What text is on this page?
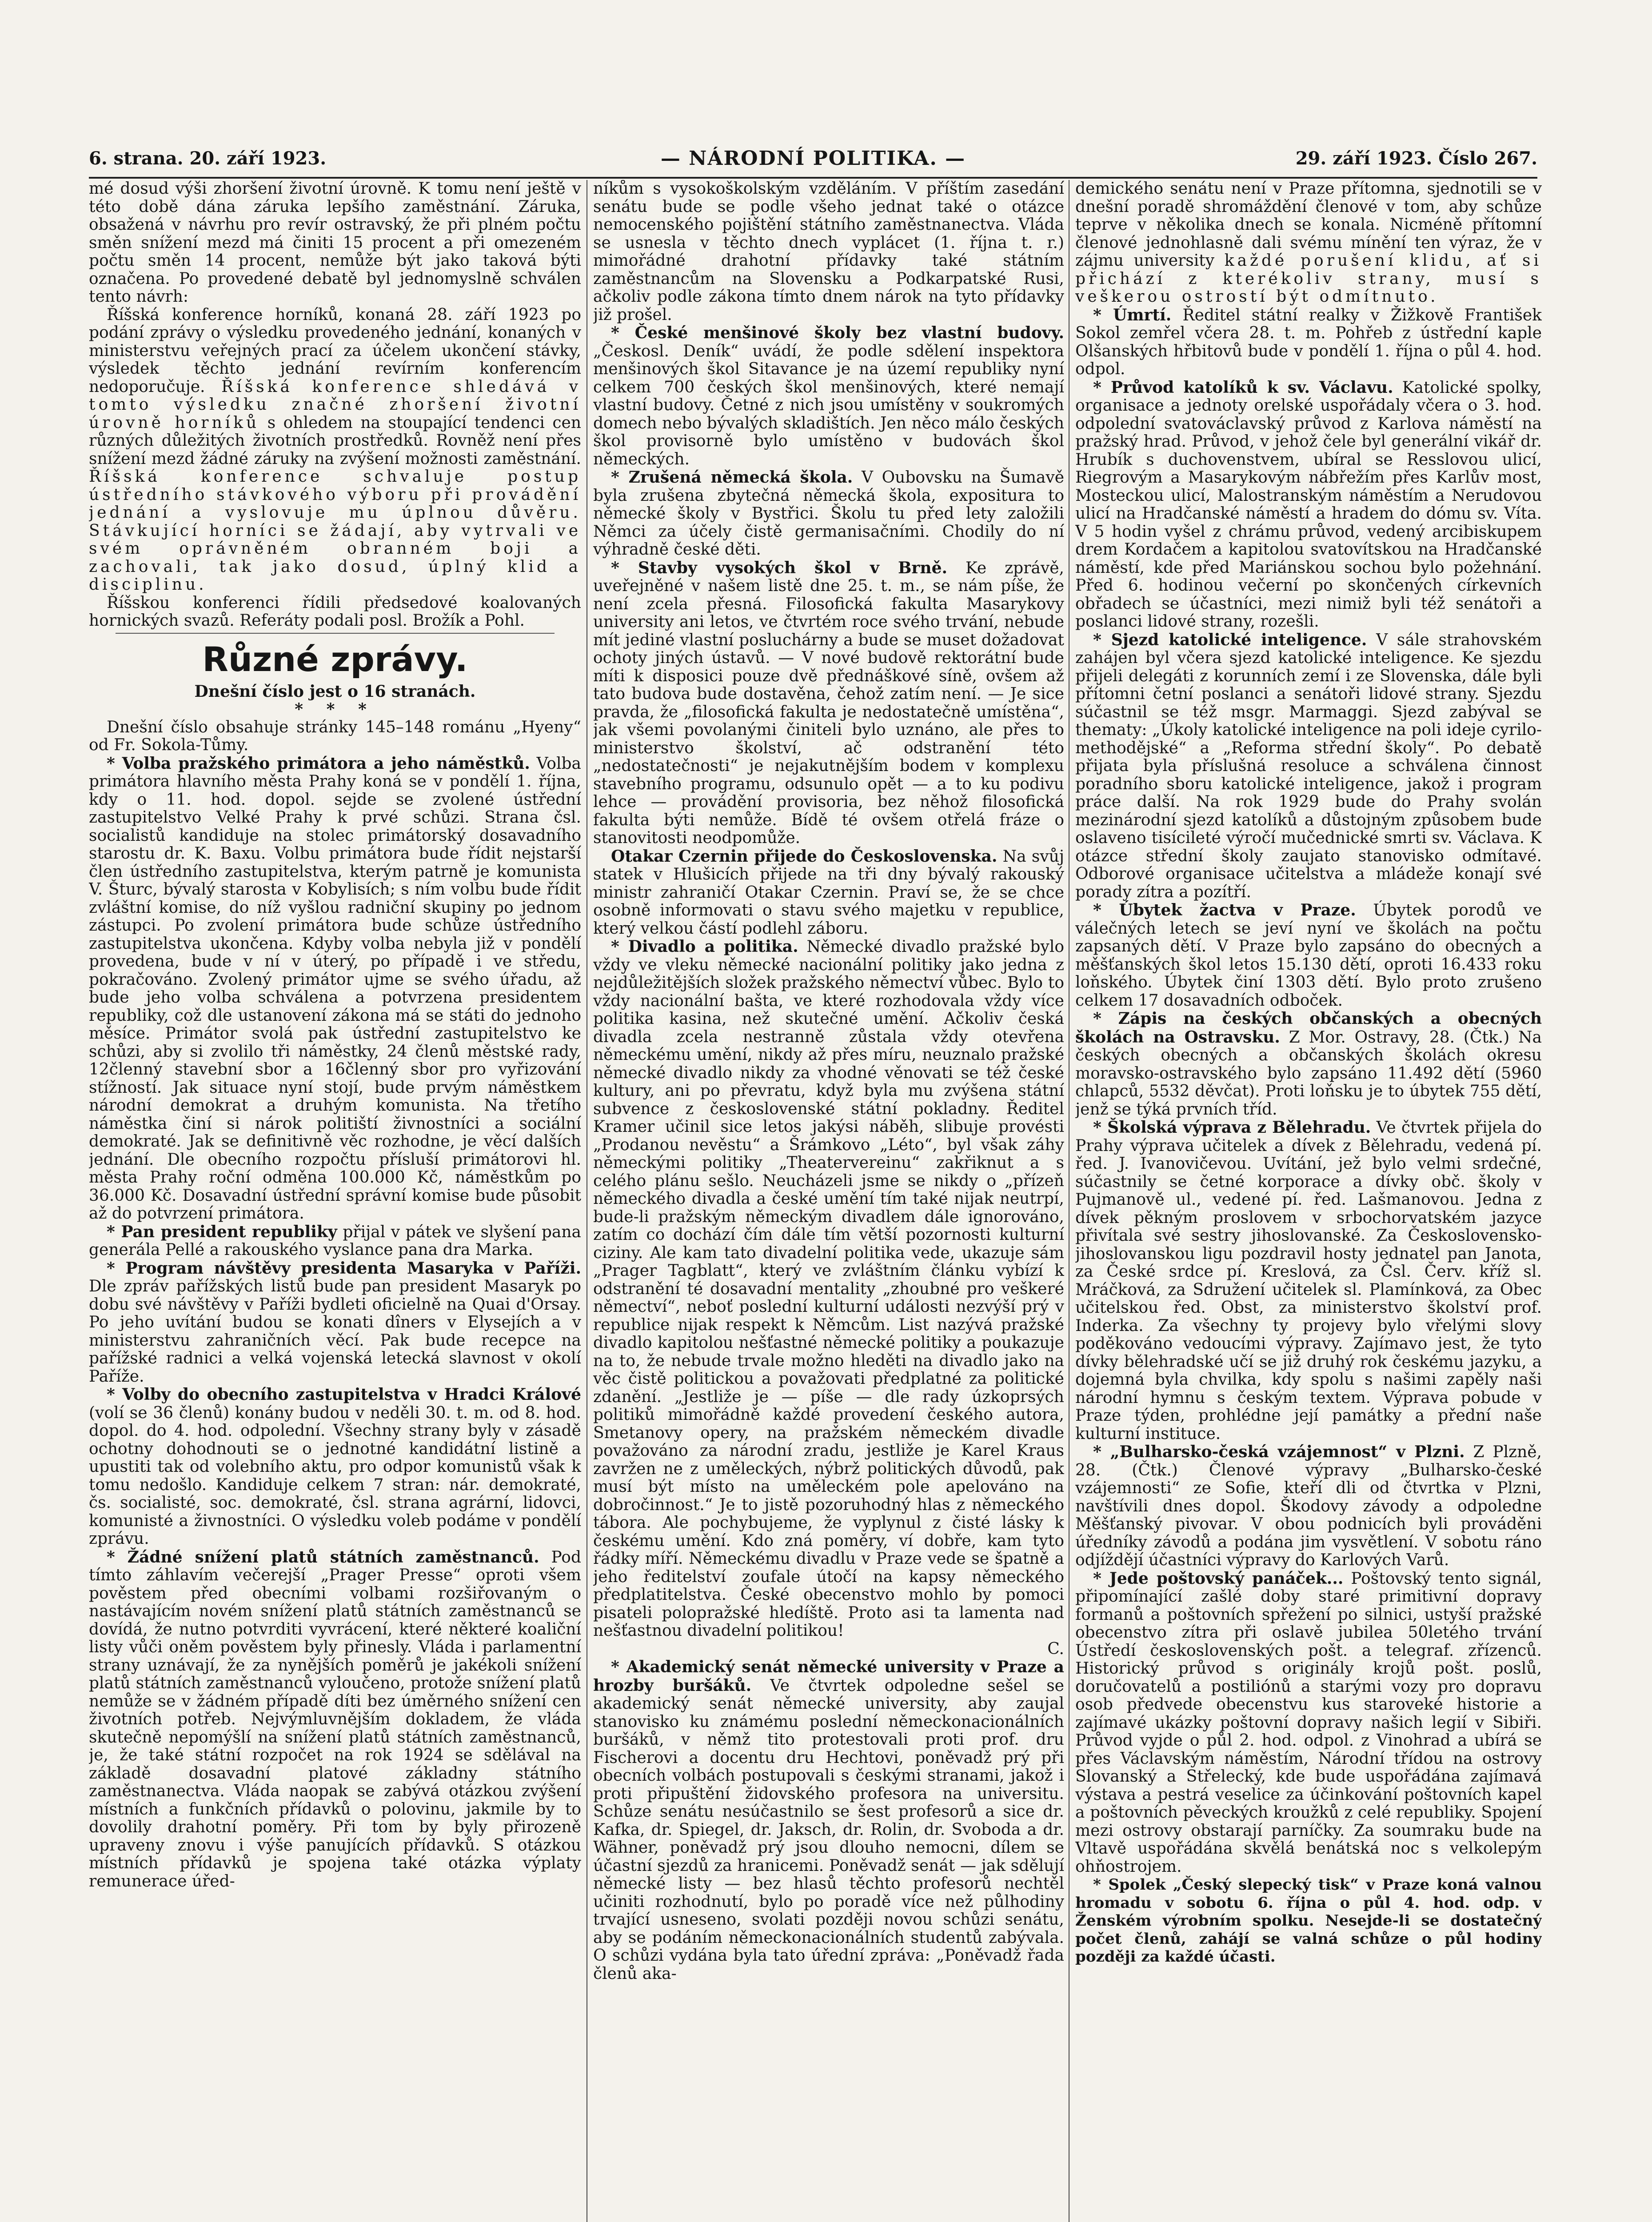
6. strana. 20. září 1923.	— NÁRODNÍ POLITIKA. —	29. září 1923. Číslo 267.

mé dosud výši zhoršení životní úrovně. K tomu není ještě v této době dána záruka lepšího zaměstnání. Záruka, obsažená v návrhu pro revír ostravský, že při plném počtu směn snížení mezd má činiti 15 procent a při omezeném počtu směn 14 procent, nemůže být jako taková býti označena. Po provedené debatě byl jednomyslně schválen tento návrh:

Říšská konference horníků, konaná 28. září 1923 po podání zprávy o výsledku provedeného jednání, konaných v ministerstvu veřejných prací za účelem ukončení stávky, výsledek těchto jednání revírním konferencím nedoporučuje. Říšská konference shledává v tomto výsledku značné zhoršení životní úrovně horníků s ohledem na stoupající tendenci cen různých důležitých životních prostředků. Rovněž není přes snížení mezd žádné záruky na zvýšení možnosti zaměstnání. Říšská konference schvaluje postup ústředního stávkového výboru při provádění jednání a vyslovuje mu úplnou důvěru. Stávkující horníci se žádají, aby vytrvali ve svém oprávněném obranném boji a zachovali, tak jako dosud, úplný klid a disciplinu.

Říšskou konferenci řídili předsedové koalovaných hornických svazů. Referáty podali posl. Brožík a Pohl.

Různé zprávy.

Dnešní číslo jest o 16 stranách.

* * *

Dnešní číslo obsahuje stránky 145–148 románu „Hyeny“ od Fr. Sokola-Tůmy.

* Volba pražského primátora a jeho náměstků. Volba primátora hlavního města Prahy koná se v pondělí 1. října, kdy o 11. hod. dopol. sejde se zvolené ústřední zastupitelstvo Velké Prahy k prvé schůzi. Strana čsl. socialistů kandiduje na stolec primátorský dosavadního starostu dr. K. Baxu. Volbu primátora bude řídit nejstarší člen ústředního zastupitelstva, kterým patrně je komunista V. Šturc, bývalý starosta v Kobylisích; s ním volbu bude řídit zvláštní komise, do níž vyšlou radniční skupiny po jednom zástupci. Po zvolení primátora bude schůze ústředního zastupitelstva ukončena. Kdyby volba nebyla již v pondělí provedena, bude v ní v úterý, po případě i ve středu, pokračováno. Zvolený primátor ujme se svého úřadu, až bude jeho volba schválena a potvrzena presidentem republiky, což dle ustanovení zákona má se státi do jednoho měsíce. Primátor svolá pak ústřední zastupitelstvo ke schůzi, aby si zvolilo tři náměstky, 24 členů městské rady, 12členný stavební sbor a 16členný sbor pro vyřizování stížností. Jak situace nyní stojí, bude prvým náměstkem národní demokrat a druhým komunista. Na třetího náměstka činí si nárok politiští živnostníci a sociální demokraté. Jak se definitivně věc rozhodne, je věcí dalších jednání. Dle obecního rozpočtu přísluší primátorovi hl. města Prahy roční odměna 100.000 Kč, náměstkům po 36.000 Kč. Dosavadní ústřední správní komise bude působit až do potvrzení primátora.

* Pan president republiky přijal v pátek ve slyšení pana generála Pellé a rakouského vyslance pana dra Marka.

* Program návštěvy presidenta Masaryka v Paříži. Dle zpráv pařížských listů bude pan president Masaryk po dobu své návštěvy v Paříži bydleti oficielně na Quai d'Orsay. Po jeho uvítání budou se konati dîners v Elysejích a v ministerstvu zahraničních věcí. Pak bude recepce na pařížské radnici a velká vojenská letecká slavnost v okolí Paříže.

* Volby do obecního zastupitelstva v Hradci Králové (volí se 36 členů) konány budou v neděli 30. t. m. od 8. hod. dopol. do 4. hod. odpolední. Všechny strany byly v zásadě ochotny dohodnouti se o jednotné kandidátní listině a upustiti tak od volebního aktu, pro odpor komunistů však k tomu nedošlo. Kandiduje celkem 7 stran: nár. demokraté, čs. socialisté, soc. demokraté, čsl. strana agrární, lidovci, komunisté a živnostníci. O výsledku voleb podáme v pondělí zprávu.

* Žádné snížení platů státních zaměstnanců. Pod tímto záhlavím večerejší „Prager Presse“ oproti všem pověstem před obecními volbami rozšiřovaným o nastávajícím novém snížení platů státních zaměstnanců se dovídá, že nutno potvrditi vyvrácení, které některé koaliční listy vůči oněm pověstem byly přinesly. Vláda i parlamentní strany uznávají, že za nynějších poměrů je jakékoli snížení platů státních zaměstnanců vyloučeno, protože snížení platů nemůže se v žádném případě díti bez úměrného snížení cen životních potřeb. Nejvýmluvnějším dokladem, že vláda skutečně nepomýšlí na snížení platů státních zaměstnanců, je, že také státní rozpočet na rok 1924 se sdělával na základě dosavadní platové základny státního zaměstnanectva. Vláda naopak se zabývá otázkou zvýšení místních a funkčních přídavků o polovinu, jakmile by to dovolily drahotní poměry. Při tom by byly přirozeně upraveny znovu i výše panujících přídavků. S otázkou místních přídavků je spojena také otázka výplaty remunerace úřed-

níkům s vysokoškolským vzděláním. V příštím zasedání senátu bude se podle všeho jednat také o otázce nemocenského pojištění státního zaměstnanectva. Vláda se usnesla v těchto dnech vyplácet (1. října t. r.) mimořádné drahotní přídavky také státním zaměstnancům na Slovensku a Podkarpatské Rusi, ačkoliv podle zákona tímto dnem nárok na tyto přídavky již prošel.

* České menšinové školy bez vlastní budovy. „Českosl. Deník“ uvádí, že podle sdělení inspektora menšinových škol Sitavance je na území republiky nyní celkem 700 českých škol menšinových, které nemají vlastní budovy. Četné z nich jsou umístěny v soukromých domech nebo bývalých skladištích. Jen něco málo českých škol provisorně bylo umístěno v budovách škol německých.

* Zrušená německá škola. V Oubovsku na Šumavě byla zrušena zbytečná německá škola, expositura to německé školy v Bystřici. Školu tu před lety založili Němci za účely čistě germanisačními. Chodily do ní výhradně české děti.

* Stavby vysokých škol v Brně. Ke zprávě, uveřejněné v našem listě dne 25. t. m., se nám píše, že není zcela přesná. Filosofická fakulta Masarykovy university ani letos, ve čtvrtém roce svého trvání, nebude mít jediné vlastní posluchárny a bude se muset dožadovat ochoty jiných ústavů. — V nové budově rektorátní bude míti k disposici pouze dvě přednáškové síně, ovšem až tato budova bude dostavěna, čehož zatím není. — Je sice pravda, že „filosofická fakulta je nedostatečně umístěna“, jak všemi povolanými činiteli bylo uznáno, ale přes to ministerstvo školství, ač odstranění této „nedostatečnosti“ je nejakutnějším bodem v komplexu stavebního programu, odsunulo opět — a to ku podivu lehce — provádění provisoria, bez něhož filosofická fakulta býti nemůže. Bídě té ovšem otřelá fráze o stanovitosti neodpomůže.

Otakar Czernin přijede do Československa. Na svůj statek v Hlušicích přijede na tři dny bývalý rakouský ministr zahraničí Otakar Czernin. Praví se, že se chce osobně informovati o stavu svého majetku v republice, který velkou částí podlehl záboru.

* Divadlo a politika. Německé divadlo pražské bylo vždy ve vleku německé nacionální politiky jako jedna z nejdůležitějších složek pražského němectví vůbec. Bylo to vždy nacionální bašta, ve které rozhodovala vždy více politika kasina, než skutečné umění. Ačkoliv česká divadla zcela nestranně zůstala vždy otevřena německému umění, nikdy až přes míru, neuznalo pražské německé divadlo nikdy za vhodné věnovati se též české kultury, ani po převratu, když byla mu zvýšena státní subvence z československé státní pokladny. Ředitel Kramer učinil sice letos jakýsi náběh, slibuje provésti „Prodanou nevěstu“ a Šrámkovo „Léto“, byl však záhy německými politiky „Theatervereinu“ zakřiknut a s celého plánu sešlo. Neucházeli jsme se nikdy o „přízeň německého divadla a české umění tím také nijak neutrpí, bude-li pražským německým divadlem dále ignorováno, zatím co dochází čím dále tím větší pozornosti kulturní ciziny. Ale kam tato divadelní politika vede, ukazuje sám „Prager Tagblatt“, který ve zvláštním článku vybízí k odstranění té dosavadní mentality „zhoubné pro veškeré němectví“, neboť poslední kulturní události nezvýší prý v republice nijak respekt k Němcům. List nazývá pražské divadlo kapitolou nešťastné německé politiky a poukazuje na to, že nebude trvale možno hleděti na divadlo jako na věc čistě politickou a považovati předplatné za politické zdanění. „Jestliže je — píše — dle rady úzkoprsých politiků mimořádně každé provedení českého autora, Smetanovy opery, na pražském německém divadle považováno za národní zradu, jestliže je Karel Kraus zavržen ne z uměleckých, nýbrž politických důvodů, pak musí být místo na uměleckém pole apelováno na dobročinnost.“ Je to jistě pozoruhodný hlas z německého tábora. Ale pochybujeme, že vyplynul z čisté lásky k českému umění. Kdo zná poměry, ví dobře, kam tyto řádky míří. Německému divadlu v Praze vede se špatně a jeho ředitelství zoufale útočí na kapsy německého předplatitelstva. České obecenstvo mohlo by pomoci pisateli polopražské hledíště. Proto asi ta lamenta nad nešťastnou divadelní politikou!

C.

* Akademický senát německé university v Praze a hrozby buršáků. Ve čtvrtek odpoledne sešel se akademický senát německé university, aby zaujal stanovisko ku známému poslední německonacionálních buršáků, v němž tito protestovali proti prof. dru Fischerovi a docentu dru Hechtovi, poněvadž prý při obecních volbách postupovali s českými stranami, jakož i proti připuštění židovského profesora na universitu. Schůze senátu nesúčastnilo se šest profesorů a sice dr. Kafka, dr. Spiegel, dr. Jaksch, dr. Rolin, dr. Svoboda a dr. Wähner, poněvadž prý jsou dlouho nemocni, dílem se účastní sjezdů za hranicemi. Poněvadž senát — jak sdělují německé listy — bez hlasů těchto profesorů nechtěl učiniti rozhodnutí, bylo po poradě více než půlhodiny trvající usneseno, svolati později novou schůzi senátu, aby se podáním německonacionálních studentů zabývala. O schůzi vydána byla tato úřední zpráva: „Poněvadž řada členů aka-

demického senátu není v Praze přítomna, sjednotili se v dnešní poradě shromáždění členové v tom, aby schůze teprve v několika dnech se konala. Nicméně přítomní členové jednohlasně dali svému mínění ten výraz, že v zájmu university každé porušení klidu, ať si přichází z kterékoliv strany, musí s veškerou ostrostí být odmítnuto.

* Úmrtí. Ředitel státní realky v Žižkově František Sokol zemřel včera 28. t. m. Pohřeb z ústřední kaple Olšanských hřbitovů bude v pondělí 1. října o půl 4. hod. odpol.

* Průvod katolíků k sv. Václavu. Katolické spolky, organisace a jednoty orelské uspořádaly včera o 3. hod. odpolední svatováclavský průvod z Karlova náměstí na pražský hrad. Průvod, v jehož čele byl generální vikář dr. Hrubík s duchovenstvem, ubíral se Resslovou ulicí, Riegrovým a Masarykovým nábřežím přes Karlův most, Mosteckou ulicí, Malostranským náměstím a Nerudovou ulicí na Hradčanské náměstí a hradem do dómu sv. Víta. V 5 hodin vyšel z chrámu průvod, vedený arcibiskupem drem Kordačem a kapitolou svatovítskou na Hradčanské náměstí, kde před Mariánskou sochou bylo požehnání. Před 6. hodinou večerní po skončených církevních obřadech se účastníci, mezi nimiž byli též senátoři a poslanci lidové strany, rozešli.

* Sjezd katolické inteligence. V sále strahovském zahájen byl včera sjezd katolické inteligence. Ke sjezdu přijeli delegáti z korunních zemí i ze Slovenska, dále byli přítomni četní poslanci a senátoři lidové strany. Sjezdu súčastnil se též msgr. Marmaggi. Sjezd zabýval se thematy: „Úkoly katolické inteligence na poli ideje cyrilo-methodějské“ a „Reforma střední školy“. Po debatě přijata byla příslušná resoluce a schválena činnost poradního sboru katolické inteligence, jakož i program práce další. Na rok 1929 bude do Prahy svolán mezinárodní sjezd katolíků a důstojným způsobem bude oslaveno tisícileté výročí mučednické smrti sv. Václava. K otázce střední školy zaujato stanovisko odmítavé. Odborové organisace učitelstva a mládeže konají své porady zítra a pozítří.

* Úbytek žactva v Praze. Úbytek porodů ve válečných letech se jeví nyní ve školách na počtu zapsaných dětí. V Praze bylo zapsáno do obecných a měšťanských škol letos 15.130 dětí, oproti 16.433 roku loňského. Úbytek činí 1303 dětí. Bylo proto zrušeno celkem 17 dosavadních odboček.

* Zápis na českých občanských a obecných školách na Ostravsku. Z Mor. Ostravy, 28. (Čtk.) Na českých obecných a občanských školách okresu moravsko-ostravského bylo zapsáno 11.492 dětí (5960 chlapců, 5532 děvčat). Proti loňsku je to úbytek 755 dětí, jenž se týká prvních tříd.

* Školská výprava z Bělehradu. Ve čtvrtek přijela do Prahy výprava učitelek a dívek z Bělehradu, vedená pí. řed. J. Ivanovičevou. Uvítání, jež bylo velmi srdečné, súčastnily se četné korporace a dívky obč. školy v Pujmanově ul., vedené pí. řed. Lašmanovou. Jedna z dívek pěkným proslovem v srbochorvatském jazyce přivítala své sestry jihoslovanské. Za Československo-jihoslovanskou ligu pozdravil hosty jednatel pan Janota, za České srdce pí. Kreslová, za Čsl. Červ. kříž sl. Mráčková, za Sdružení učitelek sl. Plamínková, za Obec učitelskou řed. Obst, za ministerstvo školství prof. Inderka. Za všechny ty projevy bylo vřelými slovy poděkováno vedoucími výpravy. Zajímavo jest, že tyto dívky bělehradské učí se již druhý rok českému jazyku, a dojemná byla chvilka, kdy spolu s našimi zapěly naši národní hymnu s českým textem. Výprava pobude v Praze týden, prohlédne její památky a přední naše kulturní instituce.

* „Bulharsko-česká vzájemnost“ v Plzni. Z Plzně, 28. (Čtk.) Členové výpravy „Bulharsko-české vzájemnosti“ ze Sofie, kteří dli od čtvrtka v Plzni, navštívili dnes dopol. Škodovy závody a odpoledne Měšťanský pivovar. V obou podnicích byli prováděni úředníky závodů a podána jim vysvětlení. V sobotu ráno odjíždějí účastníci výpravy do Karlových Varů.

* Jede poštovský panáček... Poštovský tento signál, připomínající zašlé doby staré primitivní dopravy formanů a poštovních spřežení po silnici, ustyší pražské obecenstvo zítra při oslavě jubilea 50letého trvání Ústředí československých pošt. a telegraf. zřízenců. Historický průvod s originály krojů pošt. poslů, doručovatelů a postiliónů a starými vozy pro dopravu osob předvede obecenstvu kus staroveké historie a zajímavé ukázky poštovní dopravy našich legií v Sibiři. Průvod vyjde o půl 2. hod. odpol. z Vinohrad a ubírá se přes Václavským náměstím, Národní třídou na ostrovy Slovanský a Střelecký, kde bude uspořádána zajímavá výstava a pestrá veselice za účinkování poštovních kapel a poštovních pěveckých kroužků z celé republiky. Spojení mezi ostrovy obstarají parníčky. Za soumraku bude na Vltavě uspořádána skvělá benátská noc s velkolepým ohňostrojem.

* Spolek „Český slepecký tisk“ v Praze koná valnou hromadu v sobotu 6. října o půl 4. hod. odp. v Ženském výrobním spolku. Nesejde-li se dostatečný počet členů, zahájí se valná schůze o půl hodiny později za každé účasti.
